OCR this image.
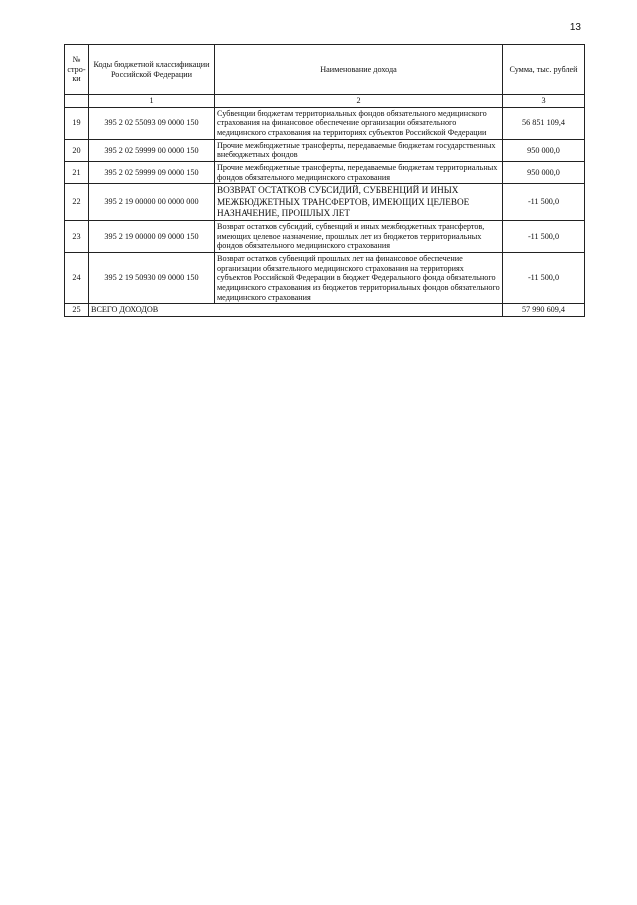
13
№ стро-ки	Коды бюджетной классификации Российской Федерации	Наименование дохода	Сумма, тыс. рублей
	1	2	3
19	395 2 02 55093 09 0000 150	Субвенции бюджетам территориальных фондов обязательного медицинского страхования на финансовое обеспечение организации обязательного медицинского страхования на территориях субъектов Российской Федерации	56 851 109,4
20	395 2 02 59999 00 0000 150	Прочие межбюджетные трансферты, передаваемые бюджетам государственных внебюджетных фондов	950 000,0
21	395 2 02 59999 09 0000 150	Прочие межбюджетные трансферты, передаваемые бюджетам территориальных фондов обязательного медицинского страхования	950 000,0
22	395 2 19 00000 00 0000 000	ВОЗВРАТ ОСТАТКОВ СУБСИДИЙ, СУБВЕНЦИЙ И ИНЫХ МЕЖБЮДЖЕТНЫХ ТРАНСФЕРТОВ, ИМЕЮЩИХ ЦЕЛЕВОЕ НАЗНАЧЕНИЕ, ПРОШЛЫХ ЛЕТ	-11 500,0
23	395 2 19 00000 09 0000 150	Возврат остатков субсидий, субвенций и иных межбюджетных трансфертов, имеющих целевое назначение, прошлых лет из бюджетов территориальных фондов обязательного медицинского страхования	-11 500,0
24	395 2 19 50930 09 0000 150	Возврат остатков субвенций прошлых лет на финансовое обеспечение организации обязательного медицинского страхования на территориях субъектов Российской Федерации в бюджет Федерального фонда обязательного медицинского страхования из бюджетов территориальных фондов обязательного медицинского страхования	-11 500,0
25	ВСЕГО ДОХОДОВ		57 990 609,4
